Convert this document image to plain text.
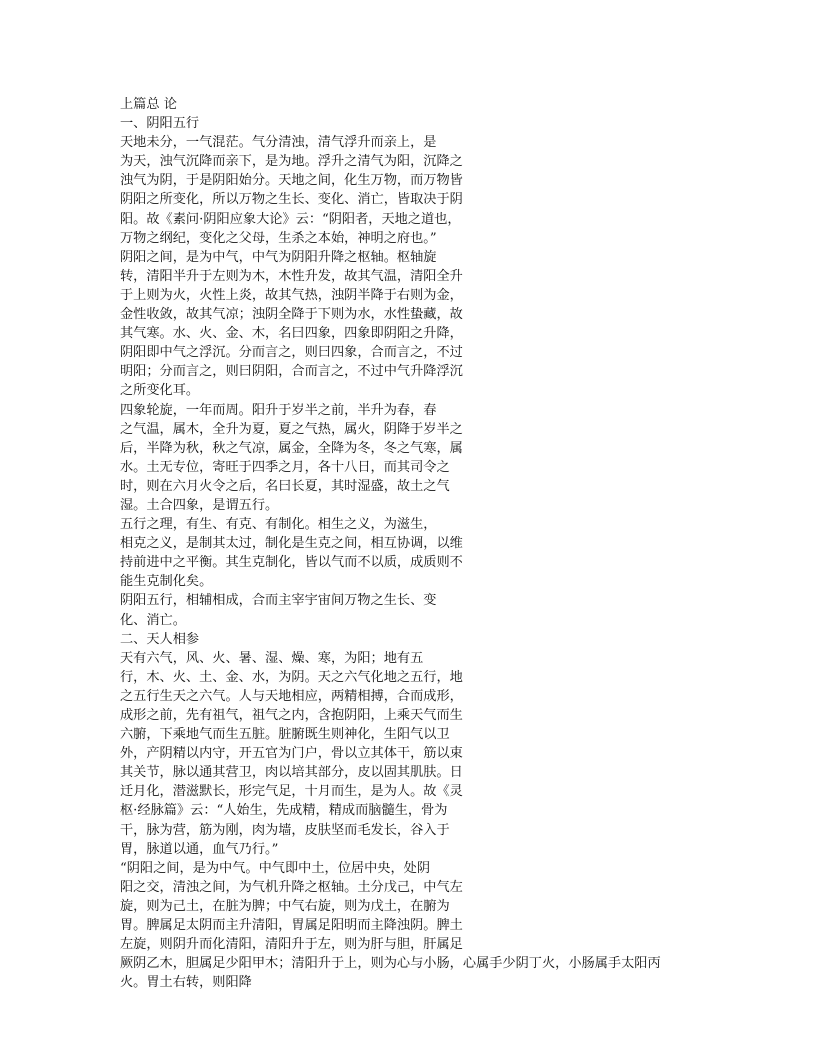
上篇总 论
一、阴阳五行
天地未分，一气混茫。气分清浊，清气浮升而亲上，是
为天，浊气沉降而亲下，是为地。浮升之清气为阳，沉降之
浊气为阴，于是阴阳始分。天地之间，化生万物，而万物皆
阴阳之所变化，所以万物之生长、变化、消亡，皆取决于阴
阳。故《素问·阴阳应象大论》云：“阴阳者，天地之道也，
万物之纲纪，变化之父母，生杀之本始，神明之府也。”
阴阳之间，是为中气，中气为阴阳升降之枢轴。枢轴旋
转，清阳半升于左则为木，木性升发，故其气温，清阳全升
于上则为火，火性上炎，故其气热，浊阴半降于右则为金，
金性收敛，故其气凉；浊阴全降于下则为水，水性蛰藏，故
其气寒。水、火、金、木，名曰四象，四象即阴阳之升降，
阴阳即中气之浮沉。分而言之，则曰四象，合而言之，不过
明阳；分而言之，则曰阴阳，合而言之，不过中气升降浮沉
之所变化耳。
四象轮旋，一年而周。阳升于岁半之前，半升为春，春
之气温，属木，全升为夏，夏之气热，属火，阴降于岁半之
后，半降为秋，秋之气凉，属金，全降为冬，冬之气寒，属
水。土无专位，寄旺于四季之月，各十八日，而其司令之
时，则在六月火令之后，名曰长夏，其时湿盛，故土之气
湿。土合四象，是谓五行。
五行之理，有生、有克、有制化。相生之义，为滋生，
相克之义，是制其太过，制化是生克之间，相互协调，以维
持前进中之平衡。其生克制化，皆以气而不以质，成质则不
能生克制化矣。
阴阳五行，相辅相成，合而主宰宇宙间万物之生长、变
化、消亡。
二、天人相参
天有六气，风、火、暑、湿、燥、寒，为阳；地有五
行，木、火、土、金、水，为阴。天之六气化地之五行，地
之五行生天之六气。人与天地相应，两精相搏，合而成形，
成形之前，先有祖气，祖气之内，含抱阴阳，上乘天气而生
六腑，下乘地气而生五脏。脏腑既生则神化，生阳气以卫
外，产阴精以内守，开五官为门户，骨以立其体干，筋以束
其关节，脉以通其营卫，肉以培其部分，皮以固其肌肤。日
迁月化，潜滋默长，形完气足，十月而生，是为人。故《灵
枢·经脉篇》云：“人始生，先成精，精成而脑髓生，骨为
干，脉为营，筋为刚，肉为墙，皮肤坚而毛发长，谷入于
胃，脉道以通，血气乃行。”
“阴阳之间，是为中气。中气即中土，位居中央，处阴
阳之交，清浊之间，为气机升降之枢轴。土分戊己，中气左
旋，则为己土，在脏为脾；中气右旋，则为戊土，在腑为
胃。脾属足太阴而主升清阳，胃属足阳明而主降浊阴。脾土
左旋，则阴升而化清阳，清阳升于左，则为肝与胆，肝属足
厥阴乙木，胆属足少阳甲木；清阳升于上，则为心与小肠，心属手少阴丁火，小肠属手太阳丙
火。胃土右转，则阳降
